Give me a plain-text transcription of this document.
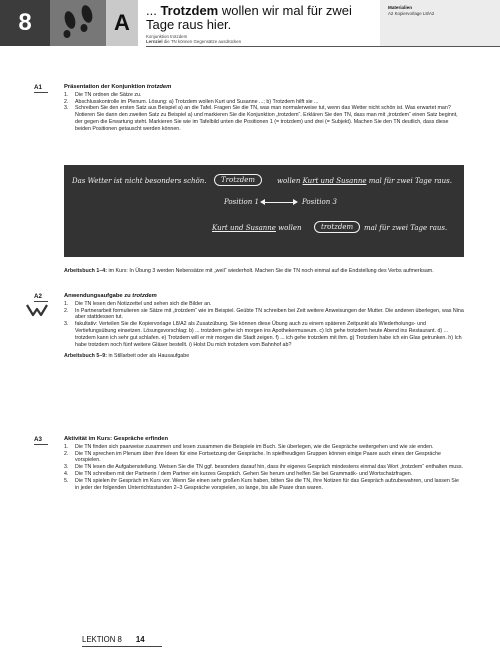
8	A	... Trotzdem wollen wir mal für zwei Tage raus hier.
Konjunktion trotzdem
Lernziel die TN können Gegensätze ausdrücken
Materialien
A2 Kopiervorlage L8/A2
A1	Präsentation der Konjunktion trotzdem
1. Die TN ordnen die Sätze zu.
2. Abschlusskontrolle im Plenum. Lösung: a) Trotzdem wollen Kurt und Susanne ...; b) Trotzdem hilft sie ...
3. Schreiben Sie den ersten Satz aus Beispiel a) an die Tafel. Fragen Sie die TN, was man normalerweise tut, wenn das Wetter nicht schön ist. Was erwartet man? Notieren Sie dann den zweiten Satz zu Beispiel a) und markieren Sie die Konjunktion „trotzdem“. Erklären Sie den TN, dass man mit „trotzdem“ einen Satz beginnt, der gegen die Erwartung steht. Markieren Sie wie im Tafelbild unten die Positionen 1 (= trotzdem) und drei (= Subjekt). Machen Sie den TN deutlich, dass diese beiden Positionen getauscht werden können.
Das Wetter ist nicht besonders schön.	Trotzdem	wollen Kurt und Susanne mal für zwei Tage raus.
Position 1	Position 3
Kurt und Susanne wollen	trotzdem	mal für zwei Tage raus.
Arbeitsbuch 1–4: im Kurs: In Übung 3 werden Nebensätze mit „weil“ wiederholt. Machen Sie die TN noch einmal auf die Endstellung des Verbs aufmerksam.
A2	Anwendungsaufgabe zu trotzdem
1. Die TN lesen den Notizzettel und sehen sich die Bilder an.
2. In Partnerarbeit formulieren sie Sätze mit „trotzdem“ wie im Beispiel. Geübte TN schreiben bei Zeit weitere Anweisungen der Mutter. Die anderen überlegen, was Nina aber stattdessen tut.
3. fakultativ: Verteilen Sie die Kopiervorlage L8/A2 als Zusatzübung. Sie können diese Übung auch zu einem späteren Zeitpunkt als Wiederholungs- und Vertiefungsübung einsetzen. Lösungsvorschlag: b) ... trotzdem gehe ich morgen ins Apothekermuseum. c) Ich gehe trotzdem heute Abend ins Restaurant. d) ... trotzdem kann ich sehr gut schlafen. e) Trotzdem will er mir morgen die Stadt zeigen. f) ... ich gehe trotzdem mit ihm. g) Trotzdem habe ich ein Glas getrunken. h) Ich habe trotzdem noch fünf weitere Gläser bestellt. i) Holst Du mich trotzdem vom Bahnhof ab?
Arbeitsbuch 5–9: in Stillarbeit oder als Hausaufgabe
A3	Aktivität im Kurs: Gespräche erfinden
1. Die TN finden sich paarweise zusammen und lesen zusammen die Beispiele im Buch. Sie überlegen, wie die Gespräche weitergehen und wie sie enden.
2. Die TN sprechen im Plenum über ihre Ideen für eine Fortsetzung der Gespräche. In spielfreudigen Gruppen können einige Paare auch eines der Gespräche vorspielen.
3. Die TN lesen die Aufgabenstellung. Weisen Sie die TN ggf. besonders darauf hin, dass ihr eigenes Gespräch mindestens einmal das Wort „trotzdem“ enthalten muss.
4. Die TN schreiben mit der Partnerin / dem Partner ein kurzes Gespräch. Gehen Sie herum und helfen Sie bei Grammatik- und Wortschatzfragen.
5. Die TN spielen ihr Gespräch im Kurs vor. Wenn Sie einen sehr großen Kurs haben, bitten Sie die TN, ihre Notizen für das Gespräch aufzubewahren, und lassen Sie in jeder der folgenden Unterrichtsstunden 2–3 Gespräche vorspielen, so lange, bis alle Paare dran waren.
LEKTION 8 14
